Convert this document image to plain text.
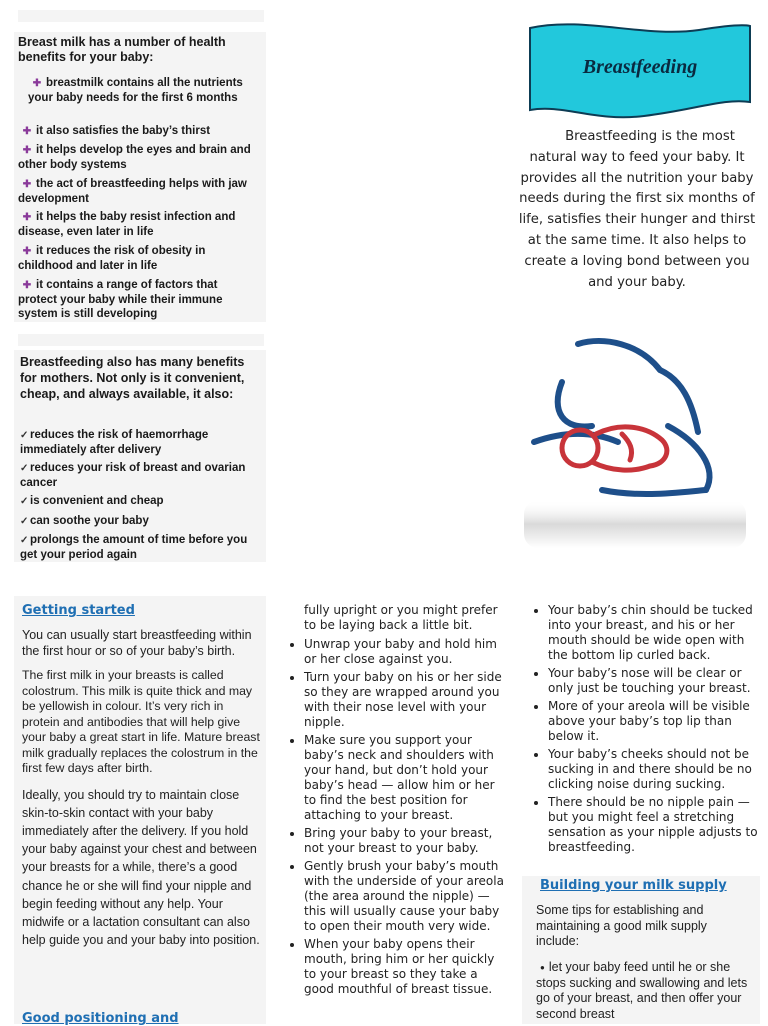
Breast milk has a number of health benefits for your baby:
✚ breastmilk contains all the nutrients your baby needs for the first 6 months
✚ it also satisfies the baby’s thirst
✚ it helps develop the eyes and brain and other body systems
✚ the act of breastfeeding helps with jaw development
✚ it helps the baby resist infection and disease, even later in life
✚ it reduces the risk of obesity in childhood and later in life
✚ it contains a range of factors that protect your baby while their immune system is still developing
Breastfeeding also has many benefits for mothers. Not only is it convenient, cheap, and always available, it also:
✓ reduces the risk of haemorrhage immediately after delivery
✓ reduces your risk of breast and ovarian cancer
✓ is convenient and cheap
✓ can soothe your baby
✓ prolongs the amount of time before you get your period again
Breastfeeding
Breastfeeding is the most natural way to feed your baby. It provides all the nutrition your baby needs during the first six months of life, satisfies their hunger and thirst at the same time. It also helps to create a loving bond between you and your baby.
Getting started

You can usually start breastfeeding within the first hour or so of your baby’s birth.

The first milk in your breasts is called colostrum. This milk is quite thick and may be yellowish in colour. It’s very rich in protein and antibodies that will help give your baby a great start in life. Mature breast milk gradually replaces the colostrum in the first few days after birth.

Ideally, you should try to maintain close skin-to-skin contact with your baby immediately after the delivery. If you hold your baby against your chest and between your breasts for a while, there’s a good chance he or she will find your nipple and begin feeding without any help. Your midwife or a lactation consultant can also help guide you and your baby into position.

Good positioning and
fully upright or you might prefer to be laying back a little bit.
• Unwrap your baby and hold him or her close against you.
• Turn your baby on his or her side so they are wrapped around you with their nose level with your nipple.
• Make sure you support your baby’s neck and shoulders with your hand, but don’t hold your baby’s head — allow him or her to find the best position for attaching to your breast.
• Bring your baby to your breast, not your breast to your baby.
• Gently brush your baby’s mouth with the underside of your areola (the area around the nipple) — this will usually cause your baby to open their mouth very wide.
• When your baby opens their mouth, bring him or her quickly to your breast so they take a good mouthful of breast tissue.
• Your baby’s chin should be tucked into your breast, and his or her mouth should be wide open with the bottom lip curled back.
• Your baby’s nose will be clear or only just be touching your breast.
• More of your areola will be visible above your baby’s top lip than below it.
• Your baby’s cheeks should not be sucking in and there should be no clicking noise during sucking.
• There should be no nipple pain — but you might feel a stretching sensation as your nipple adjusts to breastfeeding.
Building your milk supply
Some tips for establishing and maintaining a good milk supply include:
● let your baby feed until he or she stops sucking and swallowing and lets go of your breast, and then offer your second breast
